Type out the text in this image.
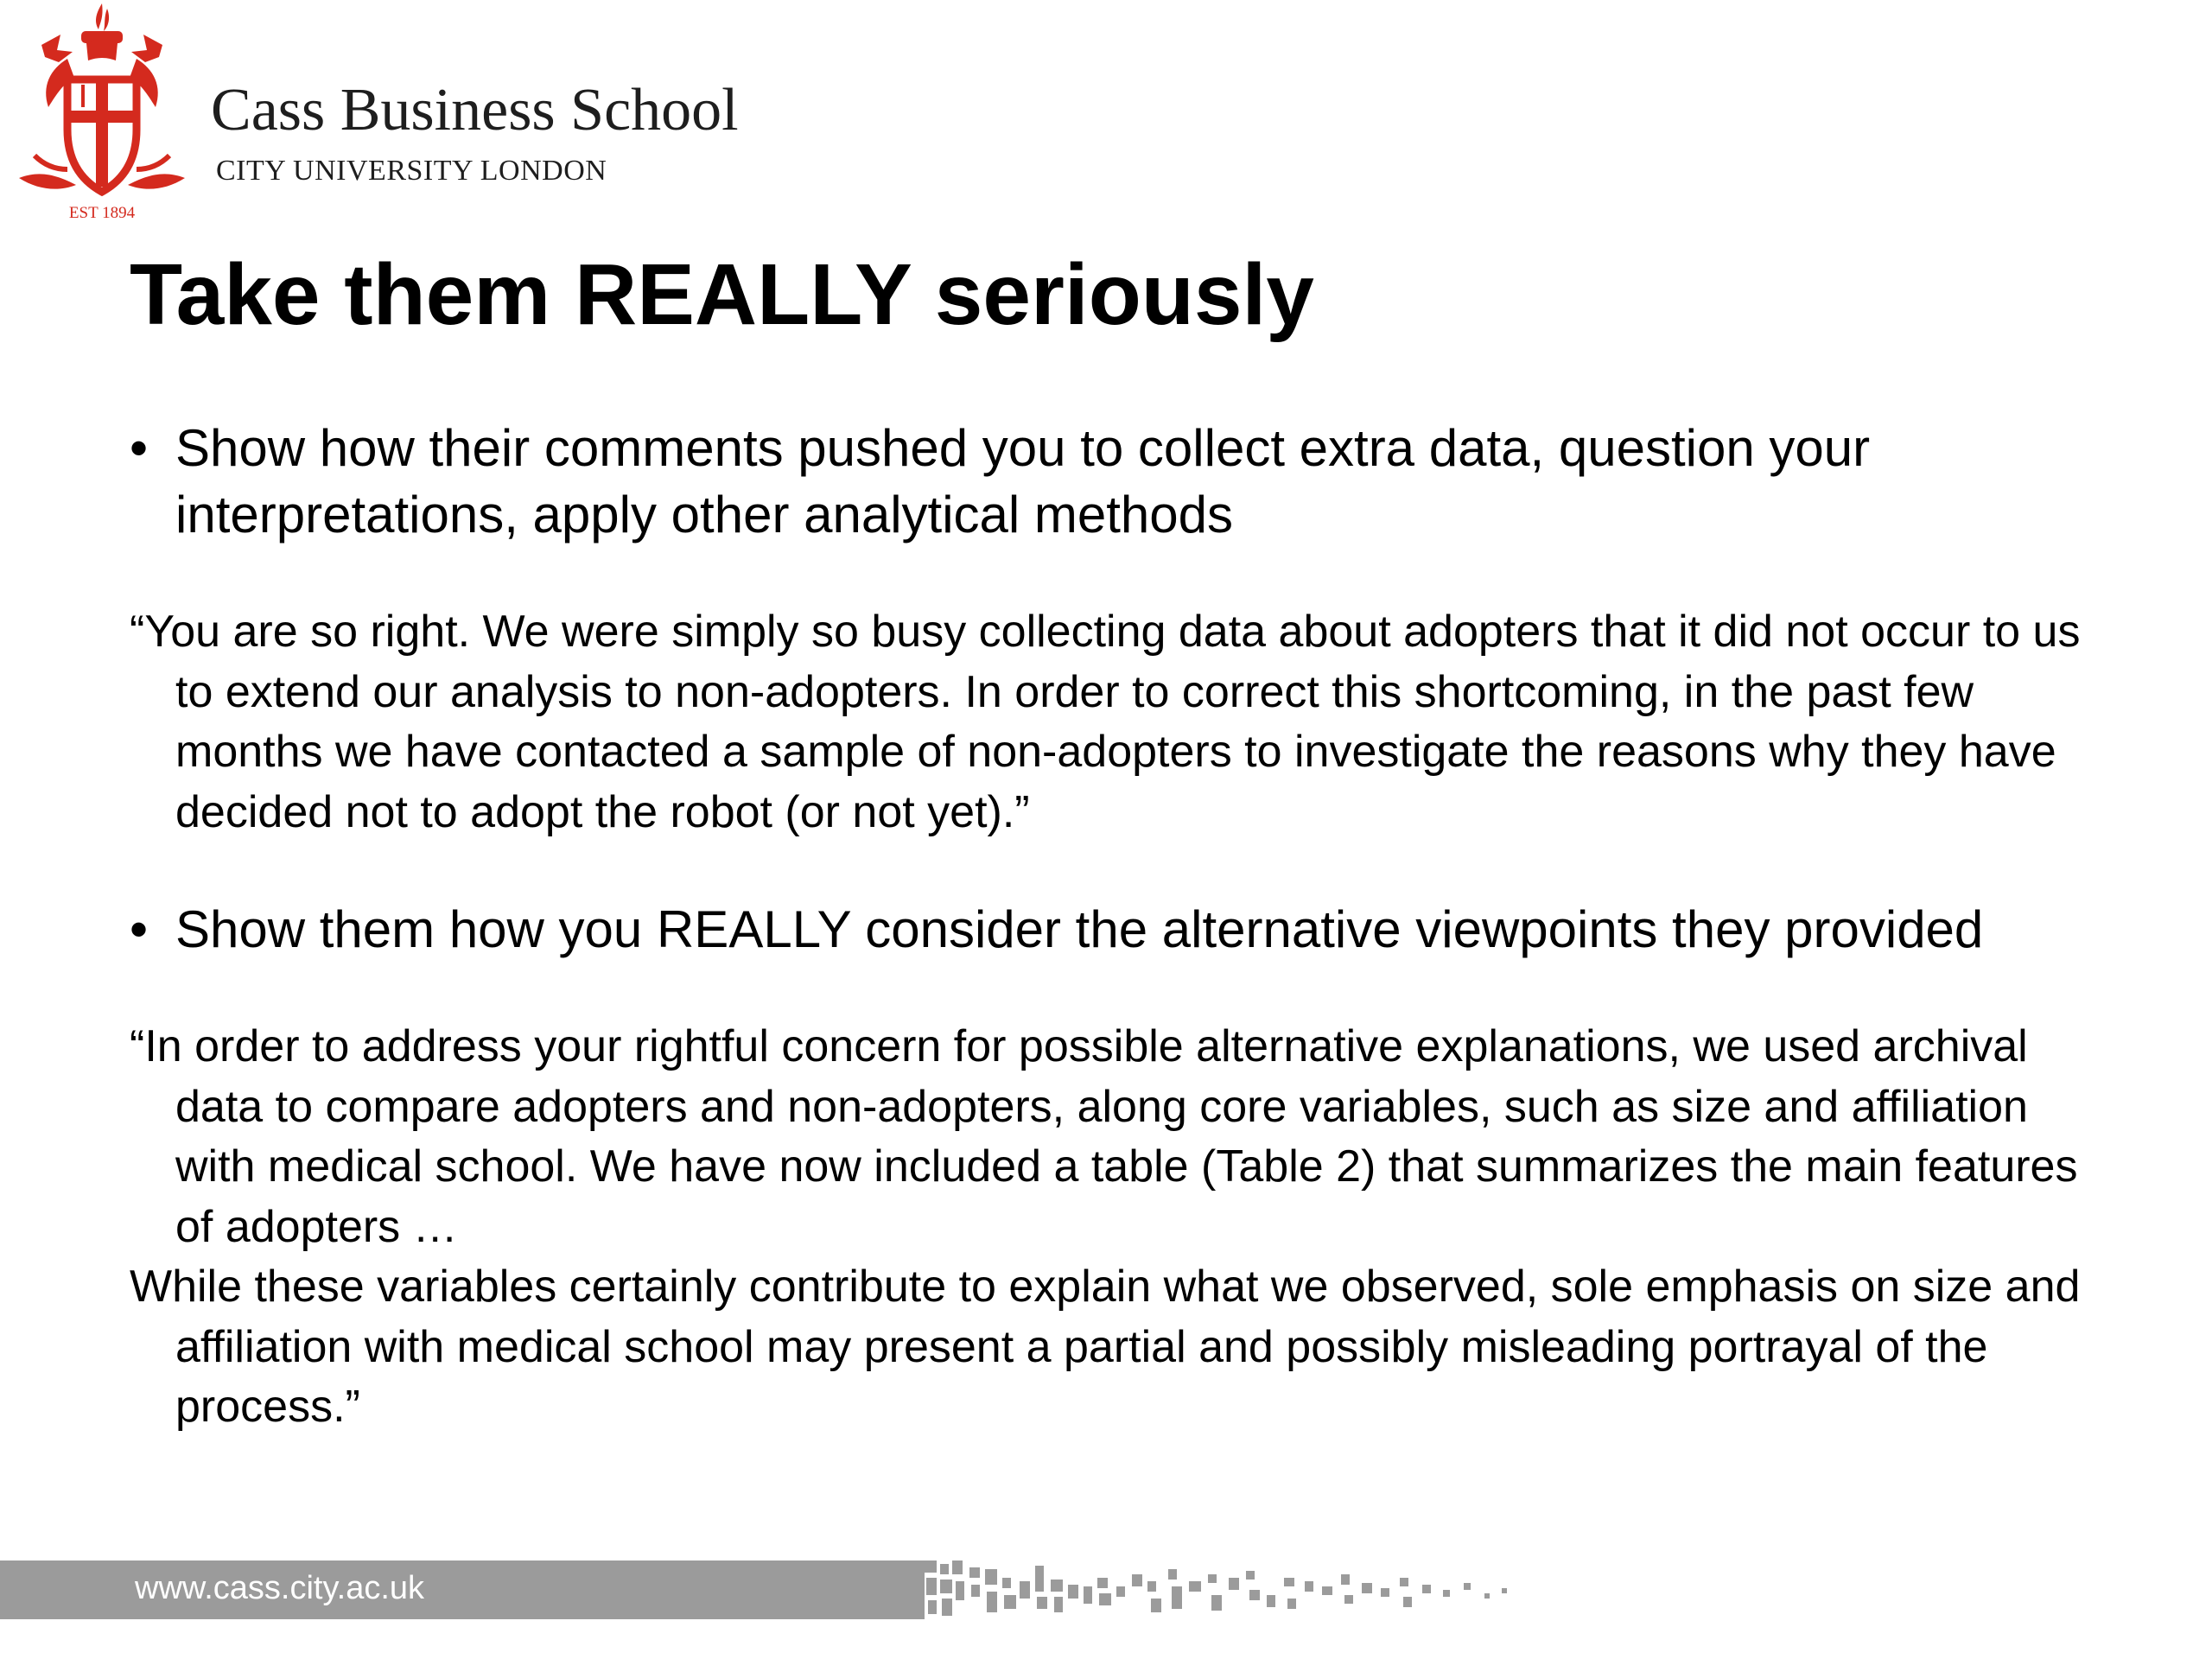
EST 1894

Cass Business School

CITY UNIVERSITY LONDON

Take them REALLY seriously

• Show how their comments pushed you to collect extra data, question your interpretations, apply other analytical methods

“You are so right. We were simply so busy collecting data about adopters that it did not occur to us to extend our analysis to non-adopters. In order to correct this shortcoming, in the past few months we have contacted a sample of non-adopters to investigate the reasons why they have decided not to adopt the robot (or not yet).”

• Show them how you REALLY consider the alternative viewpoints they provided

“In order to address your rightful concern for possible alternative explanations, we used archival data to compare adopters and non-adopters, along core variables, such as size and affiliation with medical school. We have now included a table (Table 2) that summarizes the main features of adopters …

While these variables certainly contribute to explain what we observed, sole emphasis on size and affiliation with medical school may present a partial and possibly misleading portrayal of the process.”

www.cass.city.ac.uk
